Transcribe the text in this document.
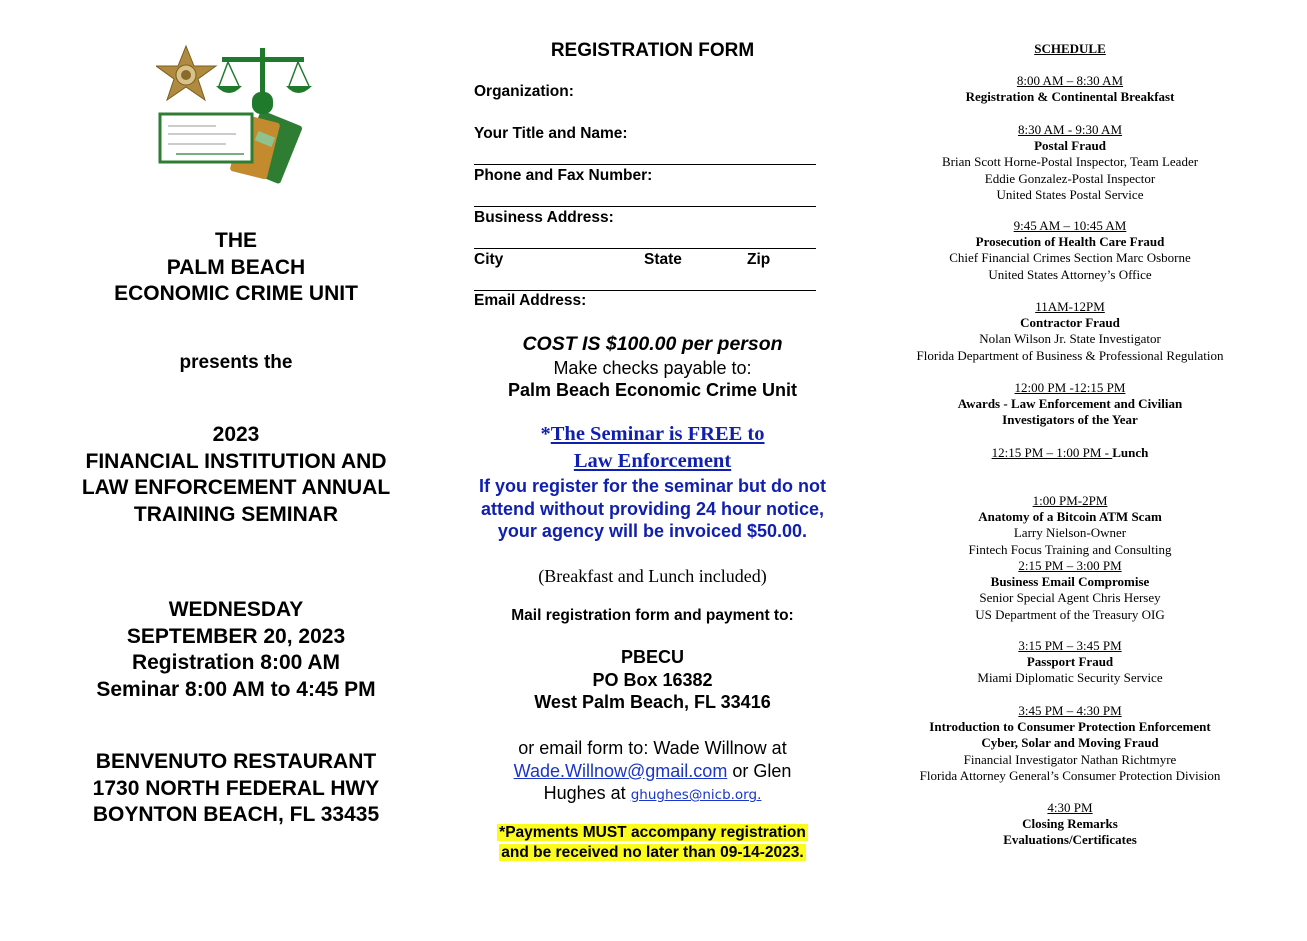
THE
PALM BEACH
ECONOMIC CRIME UNIT
presents the
2023
FINANCIAL INSTITUTION AND
LAW ENFORCEMENT ANNUAL
TRAINING SEMINAR
WEDNESDAY
SEPTEMBER 20, 2023
Registration 8:00 AM
Seminar 8:00 AM to 4:45 PM
BENVENUTO RESTAURANT
1730 NORTH FEDERAL HWY
BOYNTON BEACH, FL 33435
REGISTRATION FORM
Organization:
Your Title and Name:
Phone and Fax Number:
Business Address:
City	State	Zip
Email Address:
COST IS $100.00 per person
Make checks payable to:
Palm Beach Economic Crime Unit
*The Seminar is FREE to
Law Enforcement
If you register for the seminar but do not attend without providing 24 hour notice, your agency will be invoiced $50.00.
(Breakfast and Lunch included)
Mail registration form and payment to:
PBECU
PO Box 16382
West Palm Beach, FL 33416
or email form to: Wade Willnow at
Wade.Willnow@gmail.com or Glen
Hughes at ghughes@nicb.org.
*Payments MUST accompany registration
and be received no later than 09-14-2023.
SCHEDULE
8:00 AM – 8:30 AM
Registration & Continental Breakfast
8:30 AM - 9:30 AM
Postal Fraud
Brian Scott Horne-Postal Inspector, Team Leader
Eddie Gonzalez-Postal Inspector
United States Postal Service
9:45 AM – 10:45 AM
Prosecution of Health Care Fraud
Chief Financial Crimes Section Marc Osborne
United States Attorney’s Office
11AM-12PM
Contractor Fraud
Nolan Wilson Jr. State Investigator
Florida Department of Business & Professional Regulation
12:00 PM -12:15 PM
Awards - Law Enforcement and Civilian
Investigators of the Year
12:15 PM – 1:00 PM - Lunch
1:00 PM-2PM
Anatomy of a Bitcoin ATM Scam
Larry Nielson-Owner
Fintech Focus Training and Consulting
2:15 PM – 3:00 PM
Business Email Compromise
Senior Special Agent Chris Hersey
US Department of the Treasury OIG
3:15 PM – 3:45 PM
Passport Fraud
Miami Diplomatic Security Service
3:45 PM – 4:30 PM
Introduction to Consumer Protection Enforcement
Cyber, Solar and Moving Fraud
Financial Investigator Nathan Richtmyre
Florida Attorney General’s Consumer Protection Division
4:30 PM
Closing Remarks
Evaluations/Certificates
